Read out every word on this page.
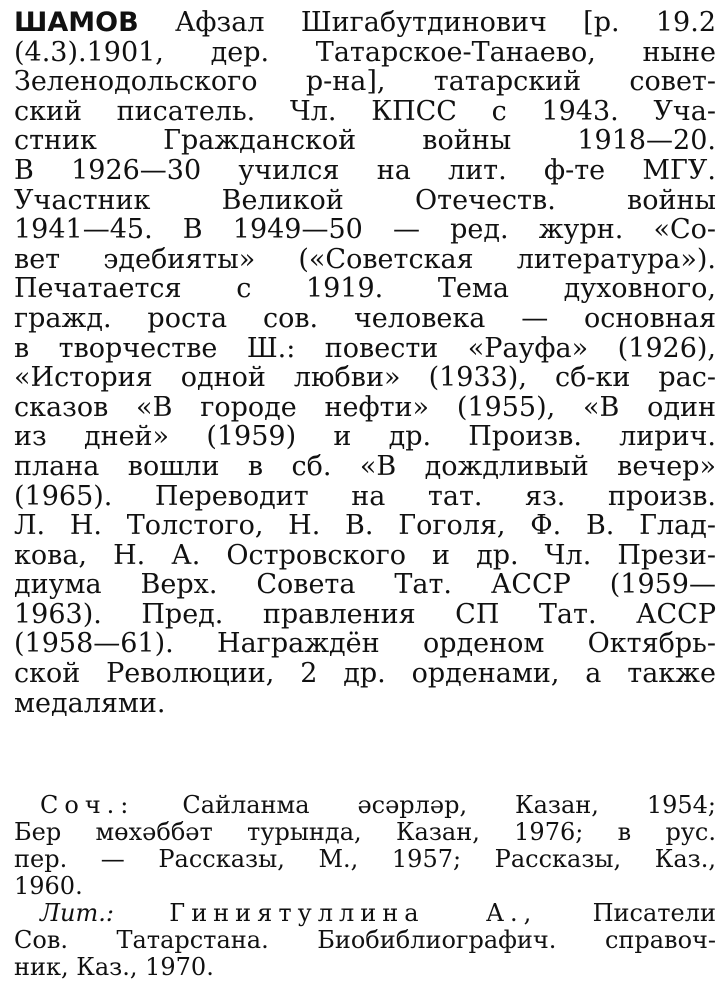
ШАМОВ Афзал Шигабутдинович [р. 19.2
(4.3).1901, дер. Татарское-Танаево, ныне
Зеленодольского р-на], татарский совет-
ский писатель. Чл. КПСС с 1943. Уча-
стник Гражданской войны 1918—20.
В 1926—30 учился на лит. ф-те МГУ.
Участник Великой Отечеств. войны
1941—45. В 1949—50 — ред. журн. «Со-
вет эдебияты» («Советская литература»).
Печатается с 1919. Тема духовного,
гражд. роста сов. человека — основная
в творчестве Ш.: повести «Рауфа» (1926),
«История одной любви» (1933), сб-ки рас-
сказов «В городе нефти» (1955), «В один
из дней» (1959) и др. Произв. лирич.
плана вошли в сб. «В дождливый вечер»
(1965). Переводит на тат. яз. произв.
Л. Н. Толстого, Н. В. Гоголя, Ф. В. Глад-
кова, Н. А. Островского и др. Чл. Прези-
диума Верх. Совета Тат. АССР (1959—
1963). Пред. правления СП Тат. АССР
(1958—61). Награждён орденом Октябрь-
ской Революции, 2 др. орденами, а также
медалями.
Соч.: Сайланма әсәрләр, Казан, 1954;
Бер мөхәббәт турында, Казан, 1976; в рус.
пер. — Рассказы, М., 1957; Рассказы, Каз.,
1960.
Лит.: Гиниятуллина А., Писатели
Сов. Татарстана. Биобиблиографич. справоч-
ник, Каз., 1970.
